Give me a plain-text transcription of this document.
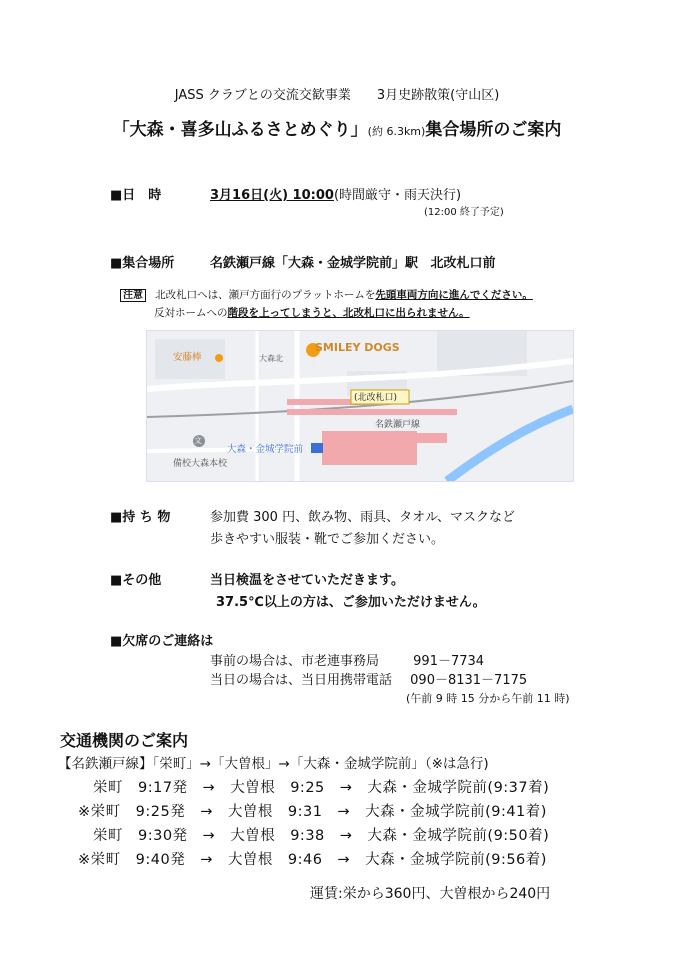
JASS クラブとの交流交歓事業　　3月史跡散策(守山区)
「大森・喜多山ふるさとめぐり」(約 6.3km)集合場所のご案内
■日　時	3月16日(火) 10:00(時間厳守・雨天決行)
(12:00 終了予定)
■集合場所	名鉄瀬戸線「大森・金城学院前」駅 北改札口前
注意 北改札口へは、瀬戸方面行のプラットホームを先頭車両方向に進んでください。
反対ホームへの階段を上ってしまうと、北改札口に出られません。
SMILEY DOGS
安藤棒	大森北
(北改札口)
名鉄瀬戸線
大森・金城学院前
文
備校大森本校
■持 ち 物	参加費 300 円、飲み物、雨具、タオル、マスクなど
歩きやすい服装・靴でご参加ください。
■その他	当日検温をさせていただきます。
37.5℃以上の方は、ご参加いただけません。
■欠席のご連絡は
事前の場合は、市老連事務局	991－7734
当日の場合は、当日用携帯電話 090－8131－7175
(午前 9 時 15 分から午前 11 時)
交通機関のご案内
【名鉄瀬戸線】「栄町」→「大曽根」→「大森・金城学院前」（※は急行)
　栄町　9:17発　→　大曽根　9:25　→　大森・金城学院前(9:37着)
※栄町　9:25発　→　大曽根　9:31　→　大森・金城学院前(9:41着)
　栄町　9:30発　→　大曽根　9:38　→　大森・金城学院前(9:50着)
※栄町　9:40発　→　大曽根　9:46　→　大森・金城学院前(9:56着)
運賃:栄から360円、大曽根から240円
